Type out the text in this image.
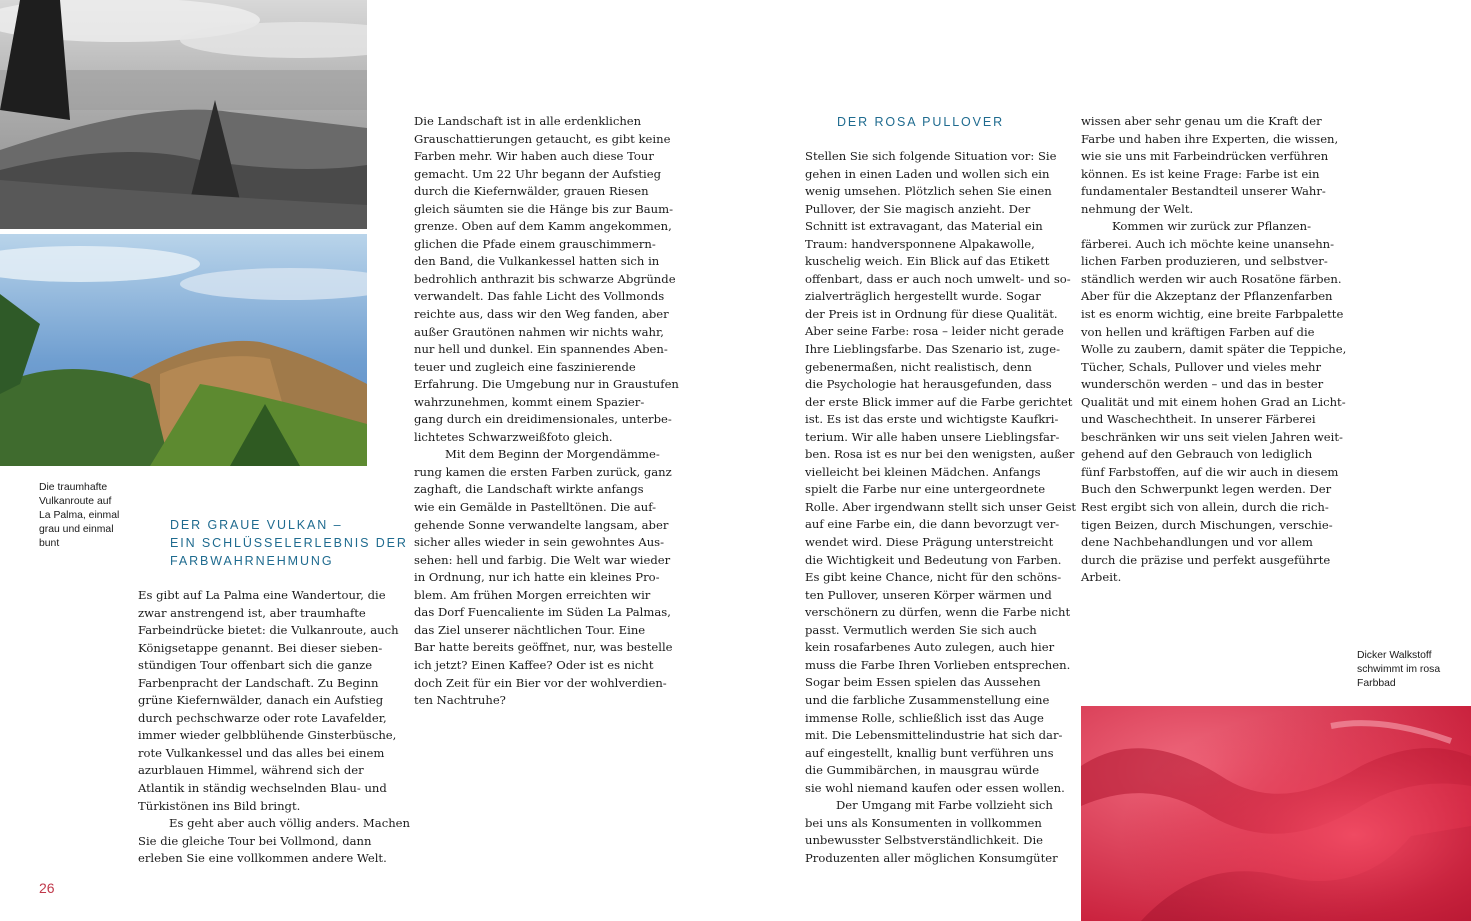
Die traumhafte
Vulkanroute auf
La Palma, einmal
grau und einmal
bunt
DER GRAUE VULKAN –
EIN SCHLÜSSELERLEBNIS DER
FARBWAHRNEHMUNG

Es gibt auf La Palma eine Wandertour, die
zwar anstrengend ist, aber traumhafte
Farbeindrücke bietet: die Vulkanroute, auch
Königsetappe genannt. Bei dieser sieben-
stündigen Tour offenbart sich die ganze
Farbenpracht der Landschaft. Zu Beginn
grüne Kiefernwälder, danach ein Aufstieg
durch pechschwarze oder rote Lavafelder,
immer wieder gelbblühende Ginsterbüsche,
rote Vulkankessel und das alles bei einem
azurblauen Himmel, während sich der
Atlantik in ständig wechselnden Blau- und
Türkistönen ins Bild bringt.

Es geht aber auch völlig anders. Machen
Sie die gleiche Tour bei Vollmond, dann
erleben Sie eine vollkommen andere Welt.

Die Landschaft ist in alle erdenklichen
Grauschattierungen getaucht, es gibt keine
Farben mehr. Wir haben auch diese Tour
gemacht. Um 22 Uhr begann der Aufstieg
durch die Kiefernwälder, grauen Riesen
gleich säumten sie die Hänge bis zur Baum-
grenze. Oben auf dem Kamm angekommen,
glichen die Pfade einem grauschimmern-
den Band, die Vulkankessel hatten sich in
bedrohlich anthrazit bis schwarze Abgründe
verwandelt. Das fahle Licht des Vollmonds
reichte aus, dass wir den Weg fanden, aber
außer Grautönen nahmen wir nichts wahr,
nur hell und dunkel. Ein spannendes Aben-
teuer und zugleich eine faszinierende
Erfahrung. Die Umgebung nur in Graustufen
wahrzunehmen, kommt einem Spazier-
gang durch ein dreidimensionales, unterbe-
lichtetes Schwarzweißfoto gleich.

Mit dem Beginn der Morgendämme-
rung kamen die ersten Farben zurück, ganz
zaghaft, die Landschaft wirkte anfangs
wie ein Gemälde in Pastelltönen. Die auf-
gehende Sonne verwandelte langsam, aber
sicher alles wieder in sein gewohntes Aus-
sehen: hell und farbig. Die Welt war wieder
in Ordnung, nur ich hatte ein kleines Pro-
blem. Am frühen Morgen erreichten wir
das Dorf Fuencaliente im Süden La Palmas,
das Ziel unserer nächtlichen Tour. Eine
Bar hatte bereits geöffnet, nur, was bestelle
ich jetzt? Einen Kaffee? Oder ist es nicht
doch Zeit für ein Bier vor der wohlverdien-
ten Nachtruhe?

DER ROSA PULLOVER

Stellen Sie sich folgende Situation vor: Sie
gehen in einen Laden und wollen sich ein
wenig umsehen. Plötzlich sehen Sie einen
Pullover, der Sie magisch anzieht. Der
Schnitt ist extravagant, das Material ein
Traum: handversponnene Alpakawolle,
kuschelig weich. Ein Blick auf das Etikett
offenbart, dass er auch noch umwelt- und so-
zialverträglich hergestellt wurde. Sogar
der Preis ist in Ordnung für diese Qualität.
Aber seine Farbe: rosa – leider nicht gerade
Ihre Lieblingsfarbe. Das Szenario ist, zuge-
gebenermaßen, nicht realistisch, denn
die Psychologie hat herausgefunden, dass
der erste Blick immer auf die Farbe gerichtet
ist. Es ist das erste und wichtigste Kaufkri-
terium. Wir alle haben unsere Lieblingsfar-
ben. Rosa ist es nur bei den wenigsten, außer
vielleicht bei kleinen Mädchen. Anfangs
spielt die Farbe nur eine untergeordnete
Rolle. Aber irgendwann stellt sich unser Geist
auf eine Farbe ein, die dann bevorzugt ver-
wendet wird. Diese Prägung unterstreicht
die Wichtigkeit und Bedeutung von Farben.
Es gibt keine Chance, nicht für den schöns-
ten Pullover, unseren Körper wärmen und
verschönern zu dürfen, wenn die Farbe nicht
passt. Vermutlich werden Sie sich auch
kein rosafarbenes Auto zulegen, auch hier
muss die Farbe Ihren Vorlieben entsprechen.
Sogar beim Essen spielen das Aussehen
und die farbliche Zusammenstellung eine
immense Rolle, schließlich isst das Auge
mit. Die Lebensmittelindustrie hat sich dar-
auf eingestellt, knallig bunt verführen uns
die Gummibärchen, in mausgrau würde
sie wohl niemand kaufen oder essen wollen.

Der Umgang mit Farbe vollzieht sich
bei uns als Konsumenten in vollkommen
unbewusster Selbstverständlichkeit. Die
Produzenten aller möglichen Konsumgüter

wissen aber sehr genau um die Kraft der
Farbe und haben ihre Experten, die wissen,
wie sie uns mit Farbeindrücken verführen
können. Es ist keine Frage: Farbe ist ein
fundamentaler Bestandteil unserer Wahr-
nehmung der Welt.

Kommen wir zurück zur Pflanzen-
färberei. Auch ich möchte keine unansehn-
lichen Farben produzieren, und selbstver-
ständlich werden wir auch Rosatöne färben.
Aber für die Akzeptanz der Pflanzenfarben
ist es enorm wichtig, eine breite Farbpalette
von hellen und kräftigen Farben auf die
Wolle zu zaubern, damit später die Teppiche,
Tücher, Schals, Pullover und vieles mehr
wunderschön werden – und das in bester
Qualität und mit einem hohen Grad an Licht-
und Waschechtheit. In unserer Färberei
beschränken wir uns seit vielen Jahren weit-
gehend auf den Gebrauch von lediglich
fünf Farbstoffen, auf die wir auch in diesem
Buch den Schwerpunkt legen werden. Der
Rest ergibt sich von allein, durch die rich-
tigen Beizen, durch Mischungen, verschie-
dene Nachbehandlungen und vor allem
durch die präzise und perfekt ausgeführte
Arbeit.

Dicker Walkstoff
schwimmt im rosa
Farbbad
26
